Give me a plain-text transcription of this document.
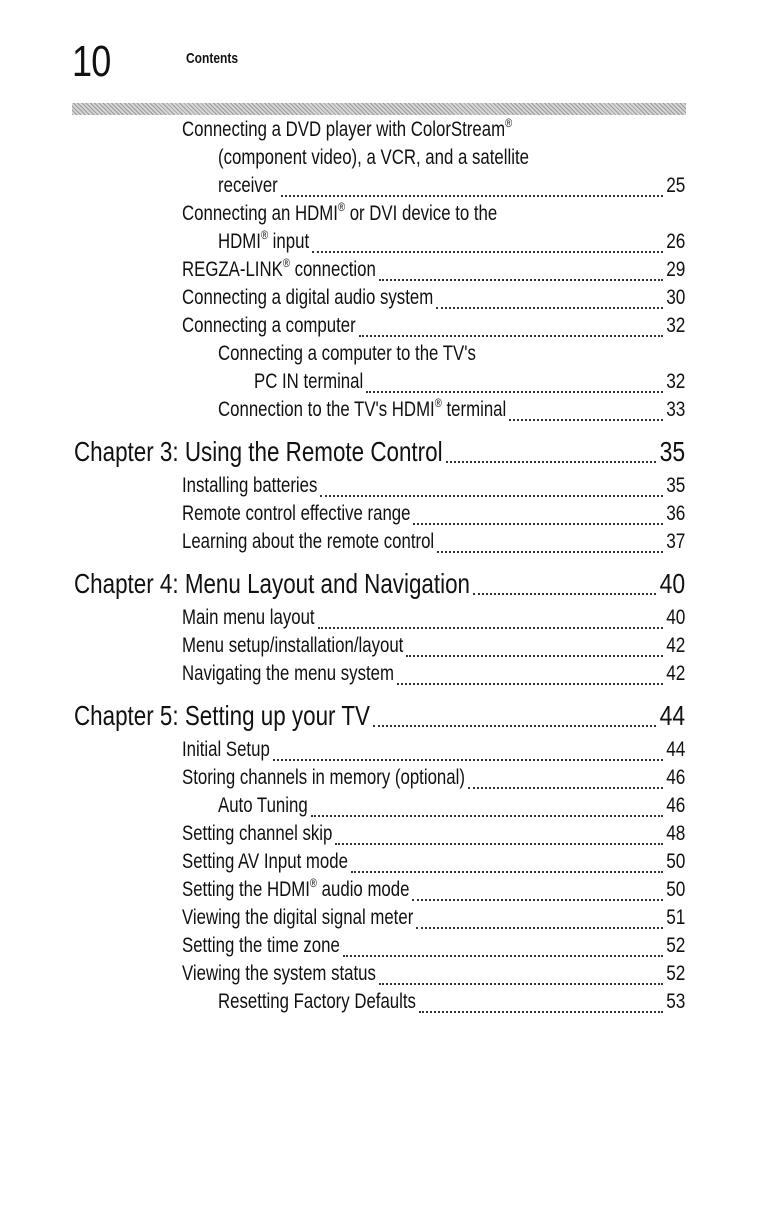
10	Contents
Connecting a DVD player with ColorStream®
(component video), a VCR, and a satellite
receiver	25
Connecting an HDMI® or DVI device to the
HDMI® input	26
REGZA-LINK® connection	29
Connecting a digital audio system	30
Connecting a computer	32
Connecting a computer to the TV's
PC IN terminal	32
Connection to the TV's HDMI® terminal	33
Chapter 3: Using the Remote Control	35
Installing batteries	35
Remote control effective range	36
Learning about the remote control	37
Chapter 4: Menu Layout and Navigation	40
Main menu layout	40
Menu setup/installation/layout	42
Navigating the menu system	42
Chapter 5: Setting up your TV	44
Initial Setup	44
Storing channels in memory (optional)	46
Auto Tuning	46
Setting channel skip	48
Setting AV Input mode	50
Setting the HDMI® audio mode	50
Viewing the digital signal meter	51
Setting the time zone	52
Viewing the system status	52
Resetting Factory Defaults	53
